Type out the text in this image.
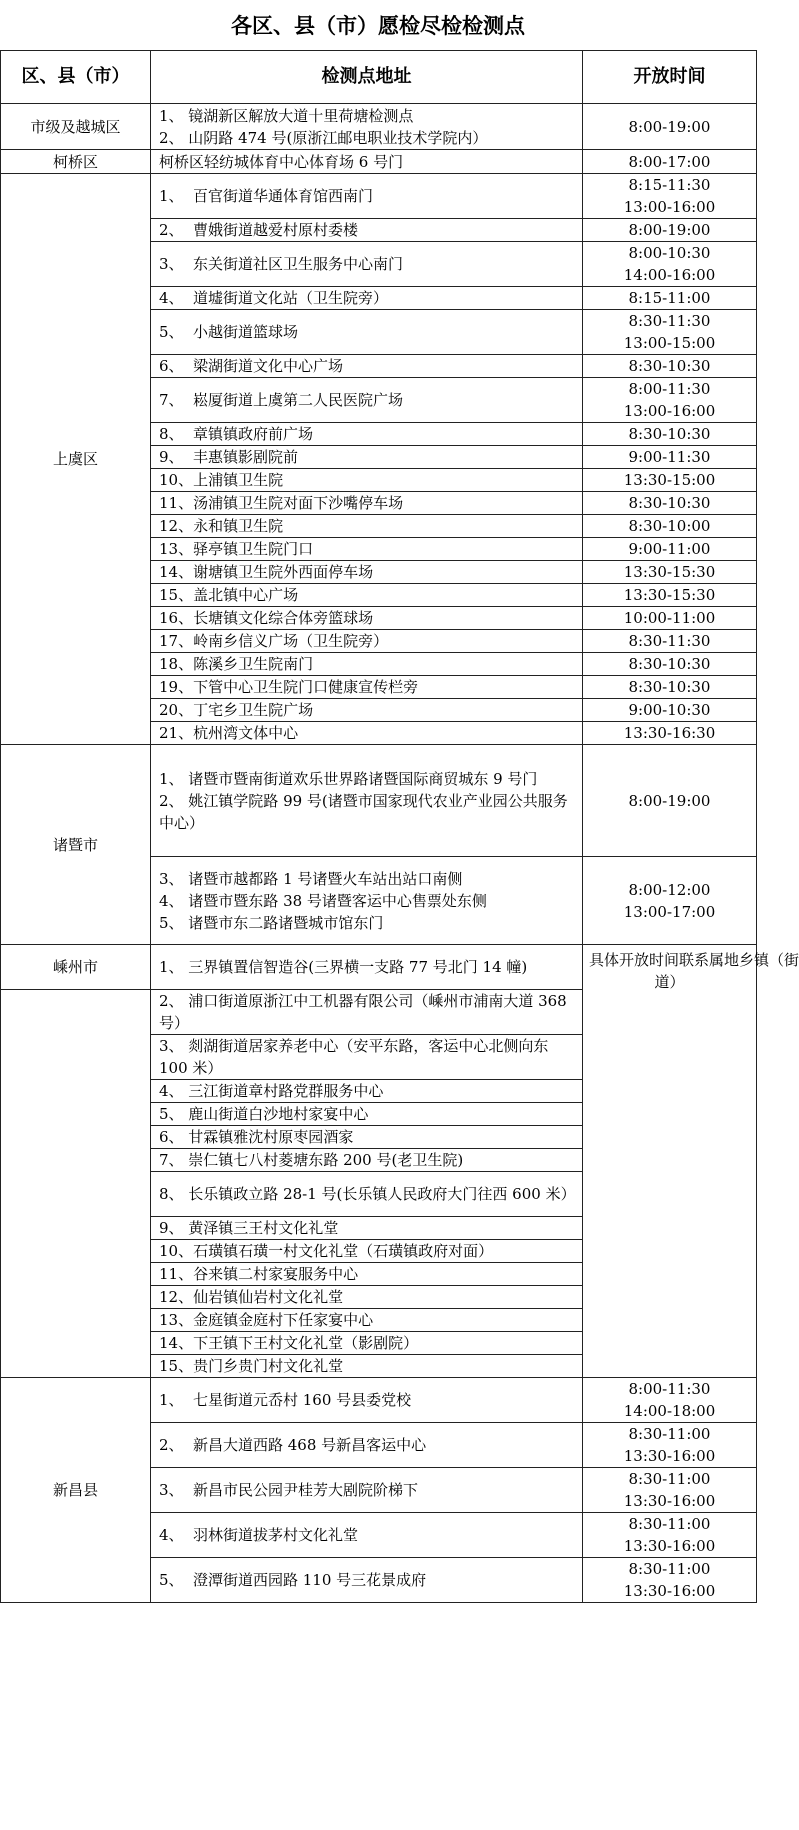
各区、县（市）愿检尽检检测点
区、县（市）	检测点地址	开放时间
市级及越城区	1、 镜湖新区解放大道十里荷塘检测点
2、 山阴路 474 号(原浙江邮电职业技术学院内）	8:00-19:00
柯桥区	柯桥区轻纺城体育中心体育场 6 号门	8:00-17:00
上虞区	1、 百官街道华通体育馆西南门	8:15-11:30
13:00-16:00

	2、 曹娥街道越爱村原村委楼	8:00-19:00

	3、 东关街道社区卫生服务中心南门	8:00-10:30
14:00-16:00

	4、 道墟街道文化站（卫生院旁）	8:15-11:00

	5、 小越街道篮球场	8:30-11:30
13:00-15:00

	6、 梁湖街道文化中心广场	8:30-10:30

	7、 崧厦街道上虞第二人民医院广场	8:00-11:30
13:00-16:00

	8、 章镇镇政府前广场	8:30-10:30

	9、 丰惠镇影剧院前	9:00-11:30

	10、上浦镇卫生院	13:30-15:00

	11、汤浦镇卫生院对面下沙嘴停车场	8:30-10:30

	12、永和镇卫生院	8:30-10:00

	13、驿亭镇卫生院门口	9:00-11:00

	14、谢塘镇卫生院外西面停车场	13:30-15:30

	15、盖北镇中心广场	13:30-15:30

	16、长塘镇文化综合体旁篮球场	10:00-11:00

	17、岭南乡信义广场（卫生院旁）	8:30-11:30

	18、陈溪乡卫生院南门	8:30-10:30

	19、下管中心卫生院门口健康宣传栏旁	8:30-10:30

	20、丁宅乡卫生院广场	9:00-10:30

	21、杭州湾文体中心	13:30-16:30

诸暨市	1、 诸暨市暨南街道欢乐世界路诸暨国际商贸城东 9 号门
2、 姚江镇学院路 99 号(诸暨市国家现代农业产业园公共服务中心）	8:00-19:00

	3、 诸暨市越都路 1 号诸暨火车站出站口南侧
4、 诸暨市暨东路 38 号诸暨客运中心售票处东侧
5、 诸暨市东二路诸暨城市馆东门	8:00-12:00
13:00-17:00

嵊州市	1、 三界镇置信智造谷(三界横一支路 77 号北门 14 幢)	具体开放时间联系属地乡镇（街
道）

	2、 浦口街道原浙江中工机器有限公司（嵊州市浦南大道 368 号）	

	3、 剡湖街道居家养老中心（安平东路，客运中心北侧向东 100 米）	

	4、 三江街道章村路党群服务中心	

	5、 鹿山街道白沙地村家宴中心	

	6、 甘霖镇雅沈村原枣园酒家	

	7、 崇仁镇七八村菱塘东路 200 号(老卫生院)	

	8、 长乐镇政立路 28-1 号(长乐镇人民政府大门往西 600 米）	

	9、 黄泽镇三王村文化礼堂	

	10、石璜镇石璜一村文化礼堂（石璜镇政府对面）	

	11、谷来镇二村家宴服务中心	

	12、仙岩镇仙岩村文化礼堂	

	13、金庭镇金庭村下任家宴中心	

	14、下王镇下王村文化礼堂（影剧院）	

	15、贵门乡贵门村文化礼堂	

新昌县	1、 七星街道元岙村 160 号县委党校	8:00-11:30
14:00-18:00

	2、 新昌大道西路 468 号新昌客运中心	8:30-11:00
13:30-16:00

	3、 新昌市民公园尹桂芳大剧院阶梯下	8:30-11:00
13:30-16:00

	4、 羽林街道拔茅村文化礼堂	8:30-11:00
13:30-16:00

	5、 澄潭街道西园路 110 号三花景成府	8:30-11:00
13:30-16:00
